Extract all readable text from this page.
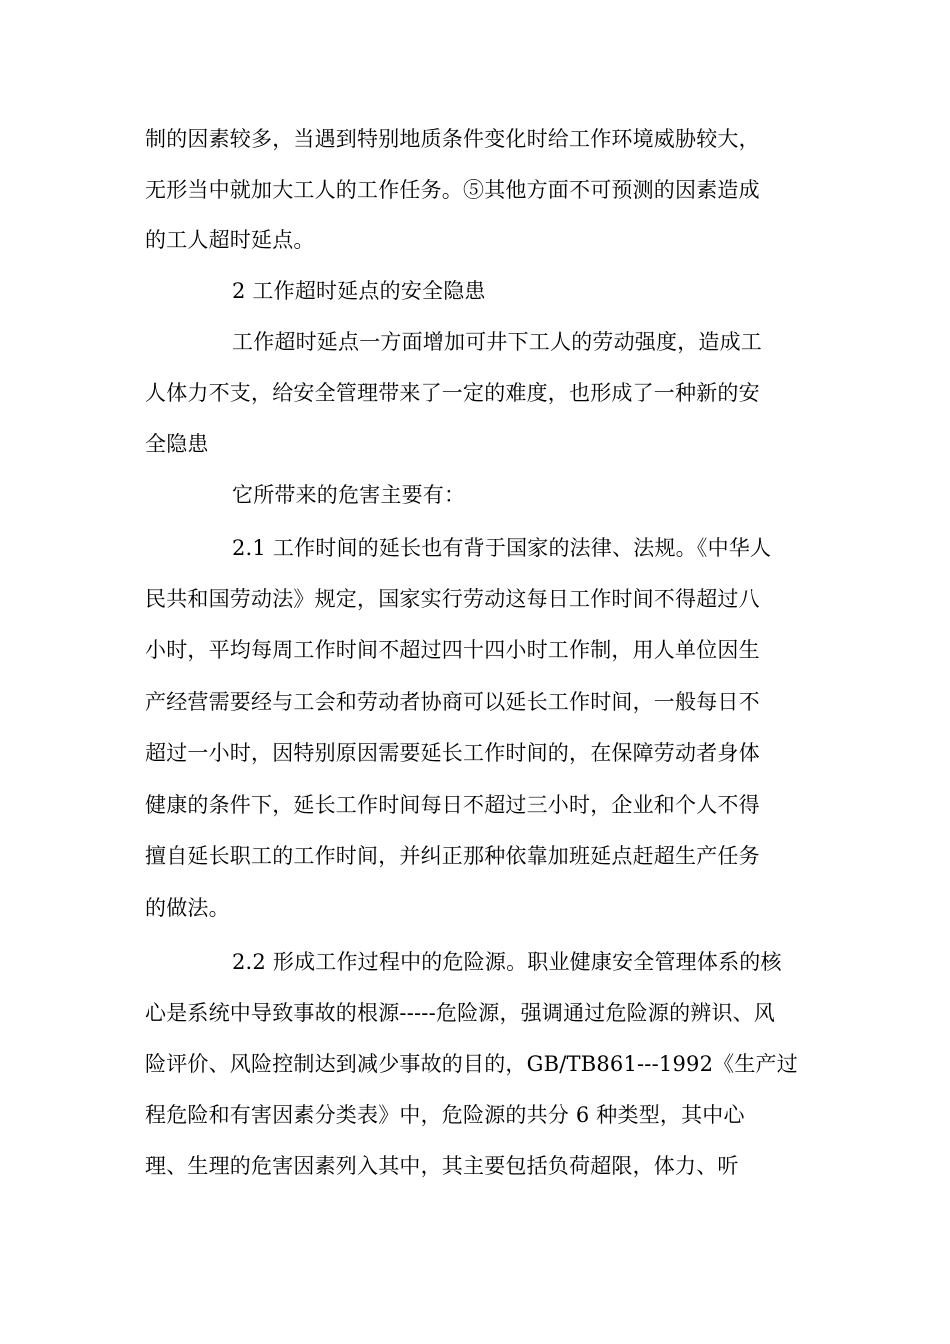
制的因素较多，当遇到特别地质条件变化时给工作环境威胁较大，
无形当中就加大工人的工作任务。⑤其他方面不可预测的因素造成
的工人超时延点。
2 工作超时延点的安全隐患
工作超时延点一方面增加可井下工人的劳动强度，造成工
人体力不支，给安全管理带来了一定的难度，也形成了一种新的安
全隐患
它所带来的危害主要有：
2.1 工作时间的延长也有背于国家的法律、法规。《中华人
民共和国劳动法》规定，国家实行劳动这每日工作时间不得超过八
小时，平均每周工作时间不超过四十四小时工作制，用人单位因生
产经营需要经与工会和劳动者协商可以延长工作时间，一般每日不
超过一小时，因特别原因需要延长工作时间的，在保障劳动者身体
健康的条件下，延长工作时间每日不超过三小时，企业和个人不得
擅自延长职工的工作时间，并纠正那种依靠加班延点赶超生产任务
的做法。
2.2 形成工作过程中的危险源。职业健康安全管理体系的核
心是系统中导致事故的根源-----危险源，强调通过危险源的辨识、风
险评价、风险控制达到减少事故的目的，GB/TB861---1992《生产过
程危险和有害因素分类表》中，危险源的共分 6 种类型，其中心
理、生理的危害因素列入其中，其主要包括负荷超限，体力、听
